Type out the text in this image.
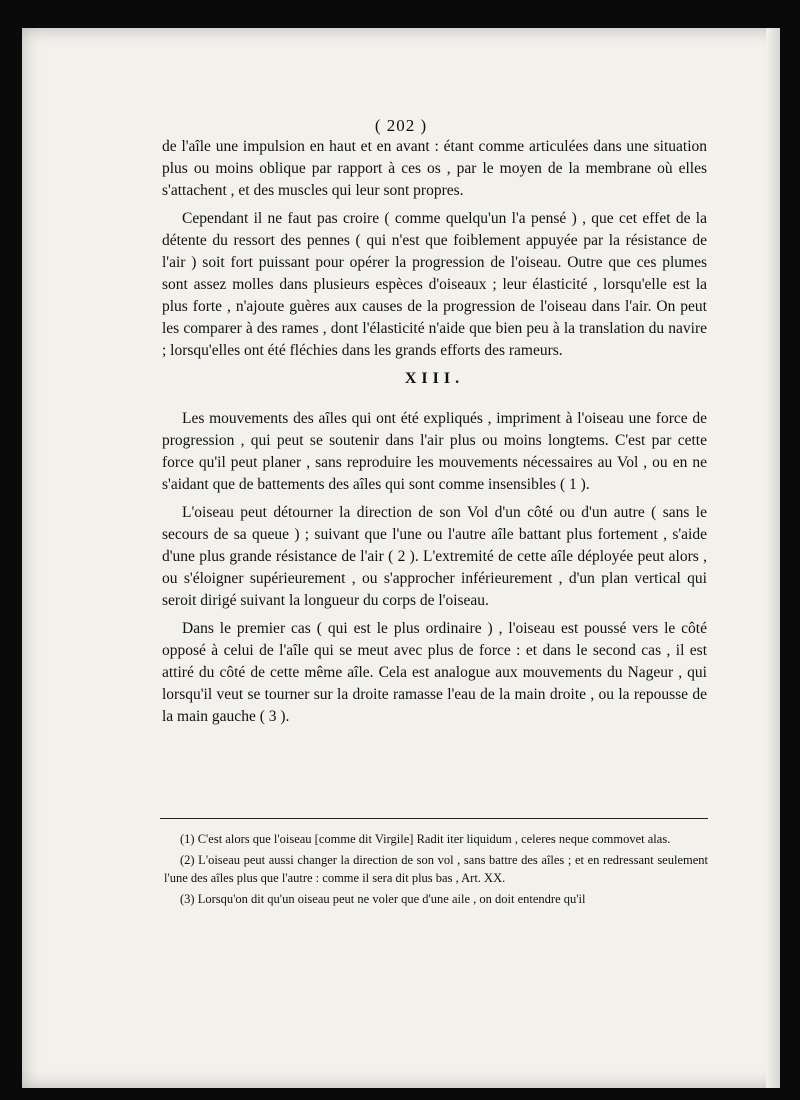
( 202 )

de l'aîle une impulsion en haut et en avant : étant comme articulées dans une situation plus ou moins oblique par rapport à ces os , par le moyen de la membrane où elles s'attachent , et des muscles qui leur sont propres.

Cependant il ne faut pas croire ( comme quelqu'un l'a pensé ) , que cet effet de la détente du ressort des pennes ( qui n'est que foiblement appuyée par la résistance de l'air ) soit fort puissant pour opérer la progression de l'oiseau. Outre que ces plumes sont assez molles dans plusieurs espèces d'oiseaux ; leur élasticité , lorsqu'elle est la plus forte , n'ajoute guères aux causes de la progression de l'oiseau dans l'air. On peut les comparer à des rames , dont l'élasticité n'aide que bien peu à la translation du navire ; lorsqu'elles ont été fléchies dans les grands efforts des rameurs.

XIII.

Les mouvements des aîles qui ont été expliqués , impriment à l'oiseau une force de progression , qui peut se soutenir dans l'air plus ou moins longtems. C'est par cette force qu'il peut planer , sans reproduire les mouvements nécessaires au Vol , ou en ne s'aidant que de battements des aîles qui sont comme insensibles ( 1 ).

L'oiseau peut détourner la direction de son Vol d'un côté ou d'un autre ( sans le secours de sa queue ) ; suivant que l'une ou l'autre aîle battant plus fortement , s'aide d'une plus grande résistance de l'air ( 2 ). L'extremité de cette aîle déployée peut alors , ou s'éloigner supérieurement , ou s'approcher inférieurement , d'un plan vertical qui seroit dirigé suivant la longueur du corps de l'oiseau.

Dans le premier cas ( qui est le plus ordinaire ) , l'oiseau est poussé vers le côté opposé à celui de l'aîle qui se meut avec plus de force : et dans le second cas , il est attiré du côté de cette même aîle. Cela est analogue aux mouvements du Nageur , qui lorsqu'il veut se tourner sur la droite ramasse l'eau de la main droite , ou la repousse de la main gauche ( 3 ).

(1) C'est alors que l'oiseau [comme dit Virgile] Radit iter liquidum , celeres neque commovet alas.

(2) L'oiseau peut aussi changer la direction de son vol , sans battre des aîles ; et en redressant seulement l'une des aîles plus que l'autre : comme il sera dit plus bas , Art. XX.

(3) Lorsqu'on dit qu'un oiseau peut ne voler que d'une aile , on doit entendre qu'il
